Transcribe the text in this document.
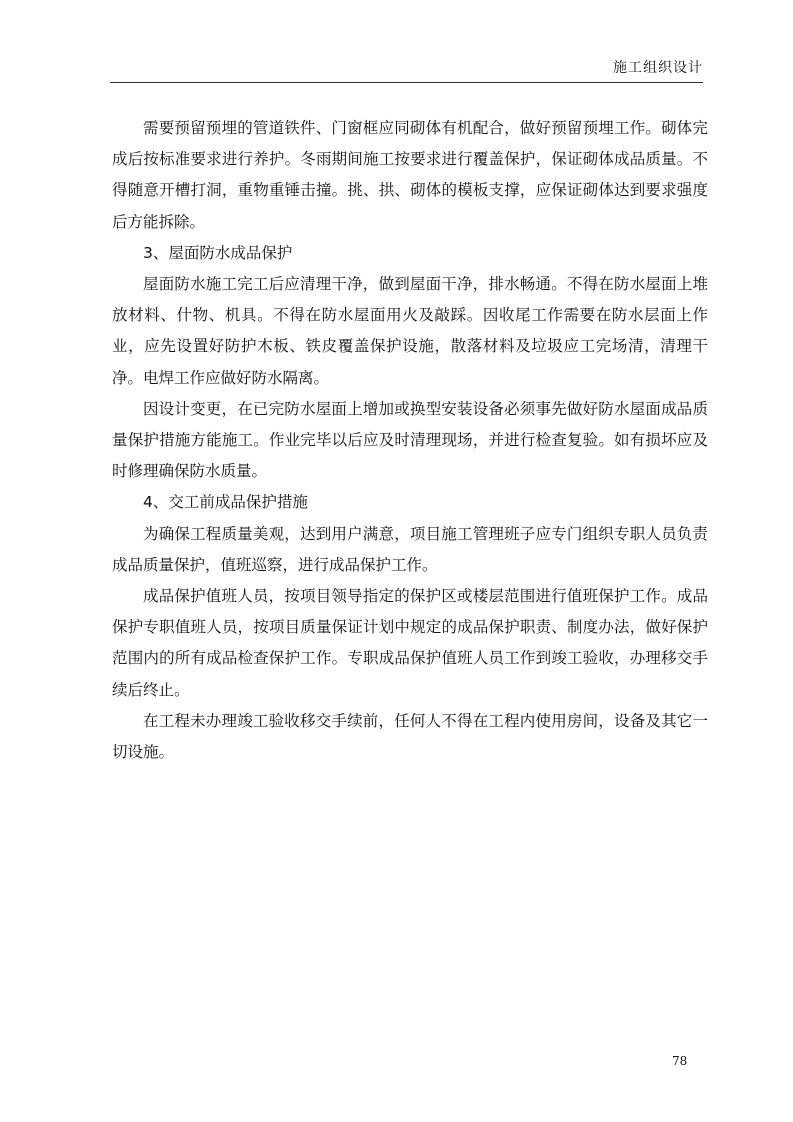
施工组织设计

需要预留预埋的管道铁件、门窗框应同砌体有机配合，做好预留预埋工作。砌体完成后按标准要求进行养护。冬雨期间施工按要求进行覆盖保护，保证砌体成品质量。不得随意开槽打洞，重物重锤击撞。挑、拱、砌体的模板支撑，应保证砌体达到要求强度后方能拆除。

3、屋面防水成品保护

屋面防水施工完工后应清理干净，做到屋面干净，排水畅通。不得在防水屋面上堆放材料、什物、机具。不得在防水屋面用火及敲踩。因收尾工作需要在防水层面上作业，应先设置好防护木板、铁皮覆盖保护设施，散落材料及垃圾应工完场清，清理干净。电焊工作应做好防水隔离。

因设计变更，在已完防水屋面上增加或换型安装设备必须事先做好防水屋面成品质量保护措施方能施工。作业完毕以后应及时清理现场，并进行检查复验。如有损坏应及时修理确保防水质量。

4、交工前成品保护措施

为确保工程质量美观，达到用户满意，项目施工管理班子应专门组织专职人员负责成品质量保护，值班巡察，进行成品保护工作。

成品保护值班人员，按项目领导指定的保护区或楼层范围进行值班保护工作。成品保护专职值班人员，按项目质量保证计划中规定的成品保护职责、制度办法，做好保护范围内的所有成品检查保护工作。专职成品保护值班人员工作到竣工验收，办理移交手续后终止。

在工程未办理竣工验收移交手续前，任何人不得在工程内使用房间，设备及其它一切设施。

78
